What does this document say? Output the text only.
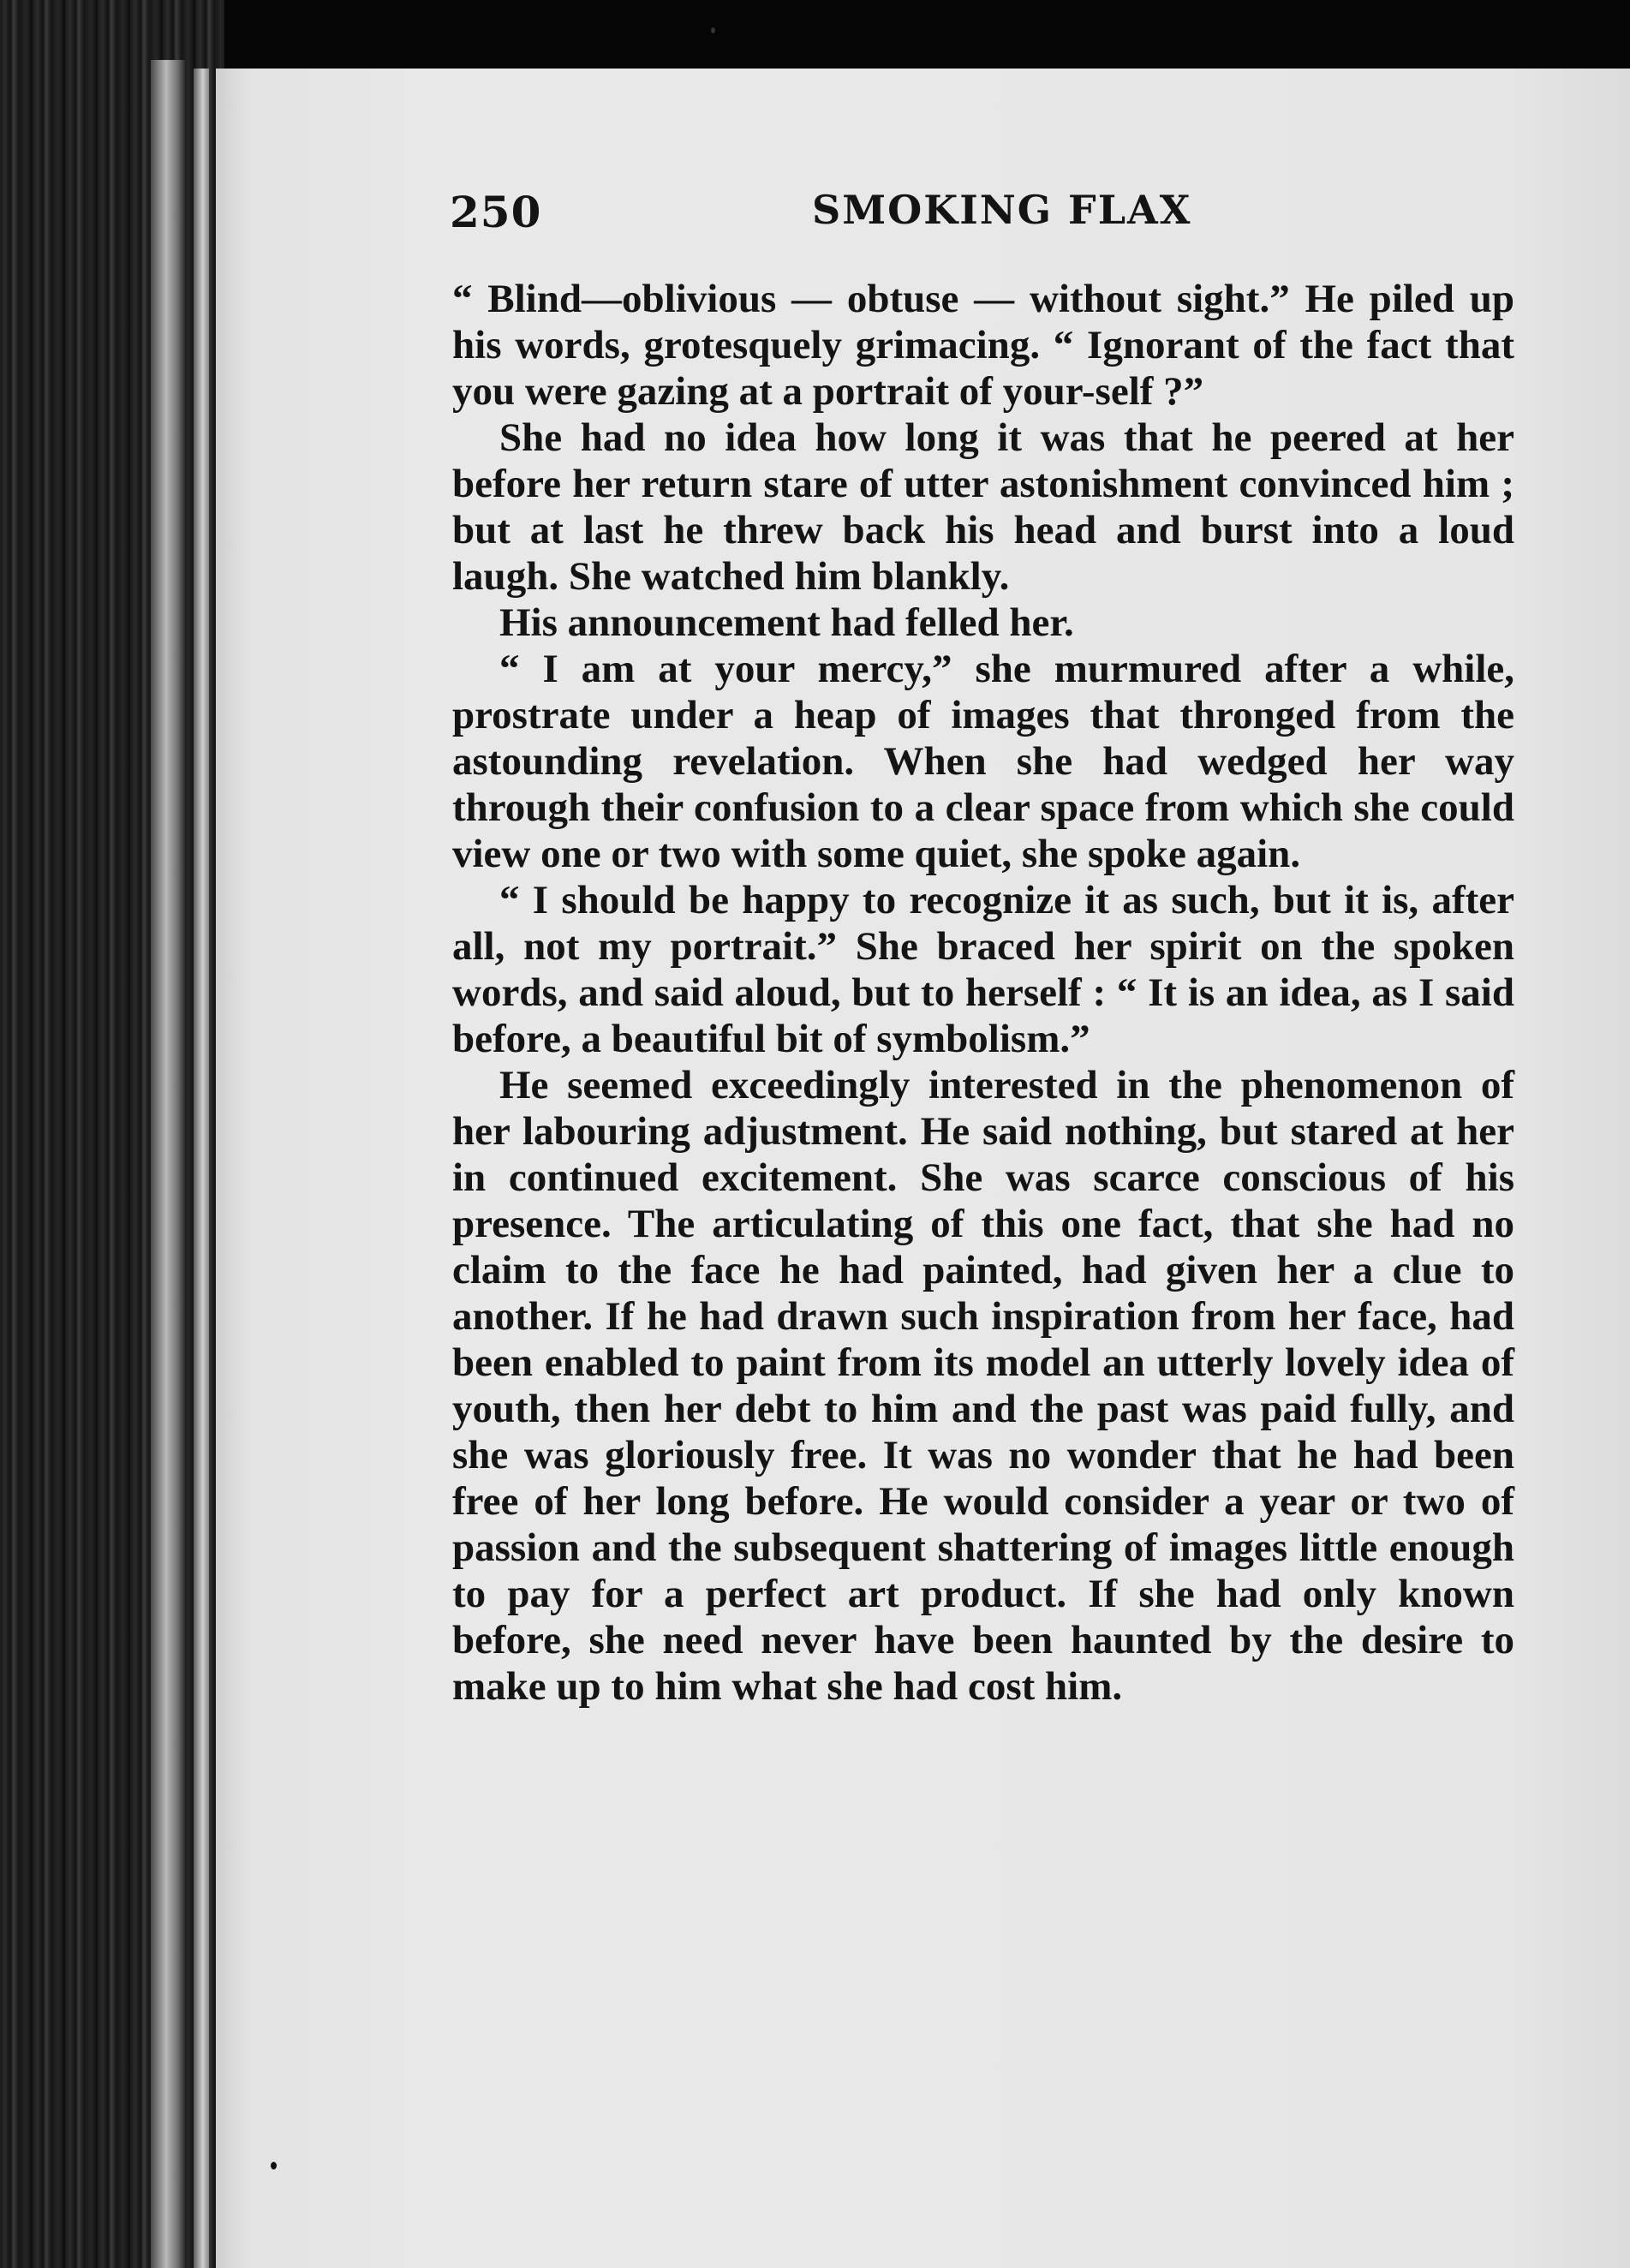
250	SMOKING FLAX

“ Blind—oblivious — obtuse — without sight.” He piled up his words, grotesquely grimacing. “ Ignorant of the fact that you were gazing at a portrait of your-self ?”

She had no idea how long it was that he peered at her before her return stare of utter astonishment convinced him ; but at last he threw back his head and burst into a loud laugh. She watched him blankly.

His announcement had felled her.

“ I am at your mercy,” she murmured after a while, prostrate under a heap of images that thronged from the astounding revelation. When she had wedged her way through their confusion to a clear space from which she could view one or two with some quiet, she spoke again.

“ I should be happy to recognize it as such, but it is, after all, not my portrait.” She braced her spirit on the spoken words, and said aloud, but to herself : “ It is an idea, as I said before, a beautiful bit of symbolism.”

He seemed exceedingly interested in the phenomenon of her labouring adjustment. He said nothing, but stared at her in continued excitement. She was scarce conscious of his presence. The articulating of this one fact, that she had no claim to the face he had painted, had given her a clue to another. If he had drawn such inspiration from her face, had been enabled to paint from its model an utterly lovely idea of youth, then her debt to him and the past was paid fully, and she was gloriously free. It was no wonder that he had been free of her long before. He would consider a year or two of passion and the subsequent shattering of images little enough to pay for a perfect art product. If she had only known before, she need never have been haunted by the desire to make up to him what she had cost him.
